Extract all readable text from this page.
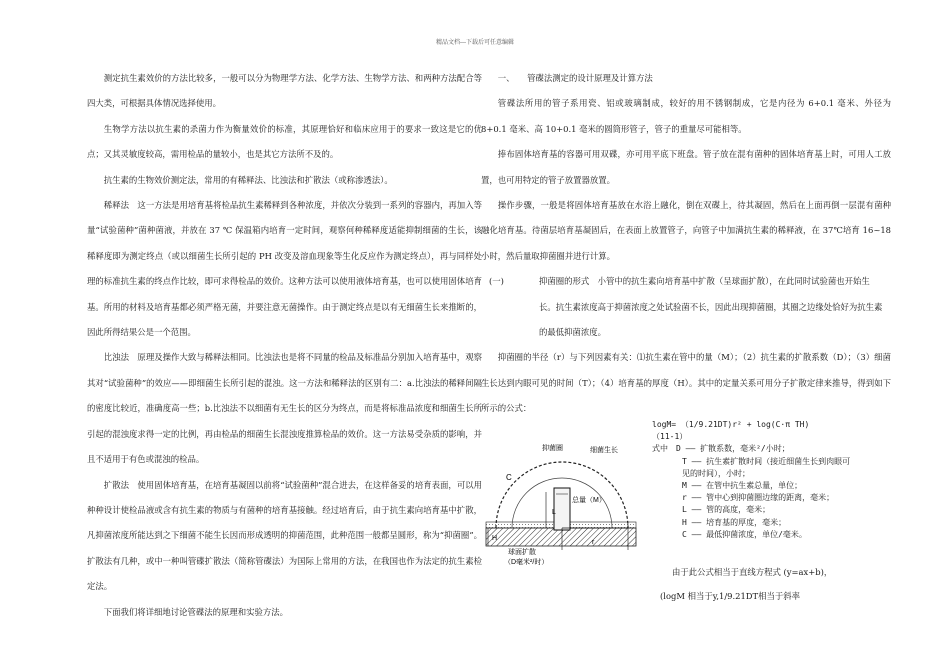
精品文档---下载后可任意编辑

测定抗生素效价的方法比较多，一般可以分为物理学方法、化学方法、生物学方法、和两种方法配合等四大类，可根据具体情况选择使用。

生物学方法以抗生素的杀菌力作为衡量效价的标准，其原理恰好和临床应用于的要求一致这是它的优点；又其灵敏度较高，需用检品的量较小，也是其它方法所不及的。

抗生素的生物效价测定法，常用的有稀释法、比浊法和扩散法（或称渗透法）。

稀释法　这一方法是用培育基将检品抗生素稀释到各种浓度，并依次分装到一系列的容器内，再加入等量“试验菌种”菌种菌液，并放在 37 ℃ 保温箱内培育一定时间，观察何种稀释度适能抑制细菌的生长，该稀释度即为测定终点（或以细菌生长所引起的 PH 改变及溶血现象等生化反应作为测定终点），再与同样处理的标准抗生素的终点作比较，即可求得检品的效价。这种方法可以使用液体培育基，也可以使用固体培育基。所用的材料及培育基都必须严格无菌，并要注意无菌操作。由于测定终点是以有无细菌生长来推断的，因此所得结果公是一个范围。

比浊法　原理及操作大致与稀释法相同。比浊法也是将不同量的检品及标准品分别加入培育基中，观察其对“试验菌种”的效应——即细菌生长所引起的混浊。这一方法和稀释法的区别有二：a.比浊法的稀释间隔的密度比较近，准确度高一些；b.比浊法不以细菌有无生长的区分为终点，而是将标准品浓度和细菌生长所引起的混浊度求得一定的比例，再由检品的细菌生长混浊度推算检品的效价。这一方法易受杂质的影响，并且不适用于有色或混浊的检品。

扩散法　使用固体培育基，在培育基凝固以前将“试验菌种”混合进去，在这样备妥的培育表面，可以用种种设计使检品液或含有抗生素的物质与有菌种的培育基接触。经过培育后，由于抗生素向培育基中扩散，凡抑菌浓度所能达到之下细菌不能生长因而形成透明的抑菌范围，此种范围一般都呈圆形，称为“抑菌圈”。扩散法有几种，或中一种叫管碟扩散法（简称管碟法）为国际上常用的方法，在我国也作为法定的抗生素检定法。

下面我们将详细地讨论管碟法的原理和实验方法。

一、　　管碟法测定的设计原理及计算方法

管碟法所用的管子系用瓷、铝或玻璃制成，较好的用不锈钢制成，它是内径为 6+0.1 毫米、外径为 8+0.1 毫米、高 10+0.1 毫米的圆筒形管子，管子的重量尽可能相等。

捧布固体培育基的容器可用双碟，亦可用平底下班盘。管子放在混有菌种的固体培育基上时，可用人工放置，也可用特定的管子放置器放置。

操作步骤，一般是将固体培育基放在水浴上融化，倒在双碟上，待其凝固，然后在上面再倒一层混有菌种融化培育基。待菌层培育基凝固后，在表面上放置管子，向管子中加满抗生素的稀释液，在 37℃培育 16~18 小时，然后量取抑菌圈并进行计算。

(一)	抑菌圈的形式　小管中的抗生素向培育基中扩散（呈球面扩散），在此同时试验菌也开始生长。抗生素浓度高于抑菌浓度之处试验菌不长，因此出现抑菌圈，其圈之边缘处恰好为抗生素的最低抑菌浓度。

抑菌圈的半径（r）与下列因素有关：⑴抗生素在管中的量（M）；（2）抗生素的扩散系数（D）；（3）细菌生长达到内眼可见的时间（T）；（4）培育基的厚度（H）。其中的定量关系可用分子扩散定律来推导，得到如下所示的公式：

C
抑菌圈	细菌生长
总量（M）
L
H
r
球面扩散
（D毫米²/时）
logM= （1/9.21DT)r² + log(C·π TH)
（11-1）
式中　D —— 扩散系数，毫米²/小时；
T —— 抗生素扩散时间（接近细菌生长到肉眼可见的时间），小时；
M —— 在管中抗生素总量，单位；
r —— 管中心到抑菌圈边缘的距离，毫米；
L —— 管的高度，毫米；
H —— 培育基的厚度，毫米；
C —— 最低抑菌浓度，单位/毫米。
由于此公式相当于直线方程式 (y=ax+b)，
(logM 相当于y,1/9.21DT相当于斜率
